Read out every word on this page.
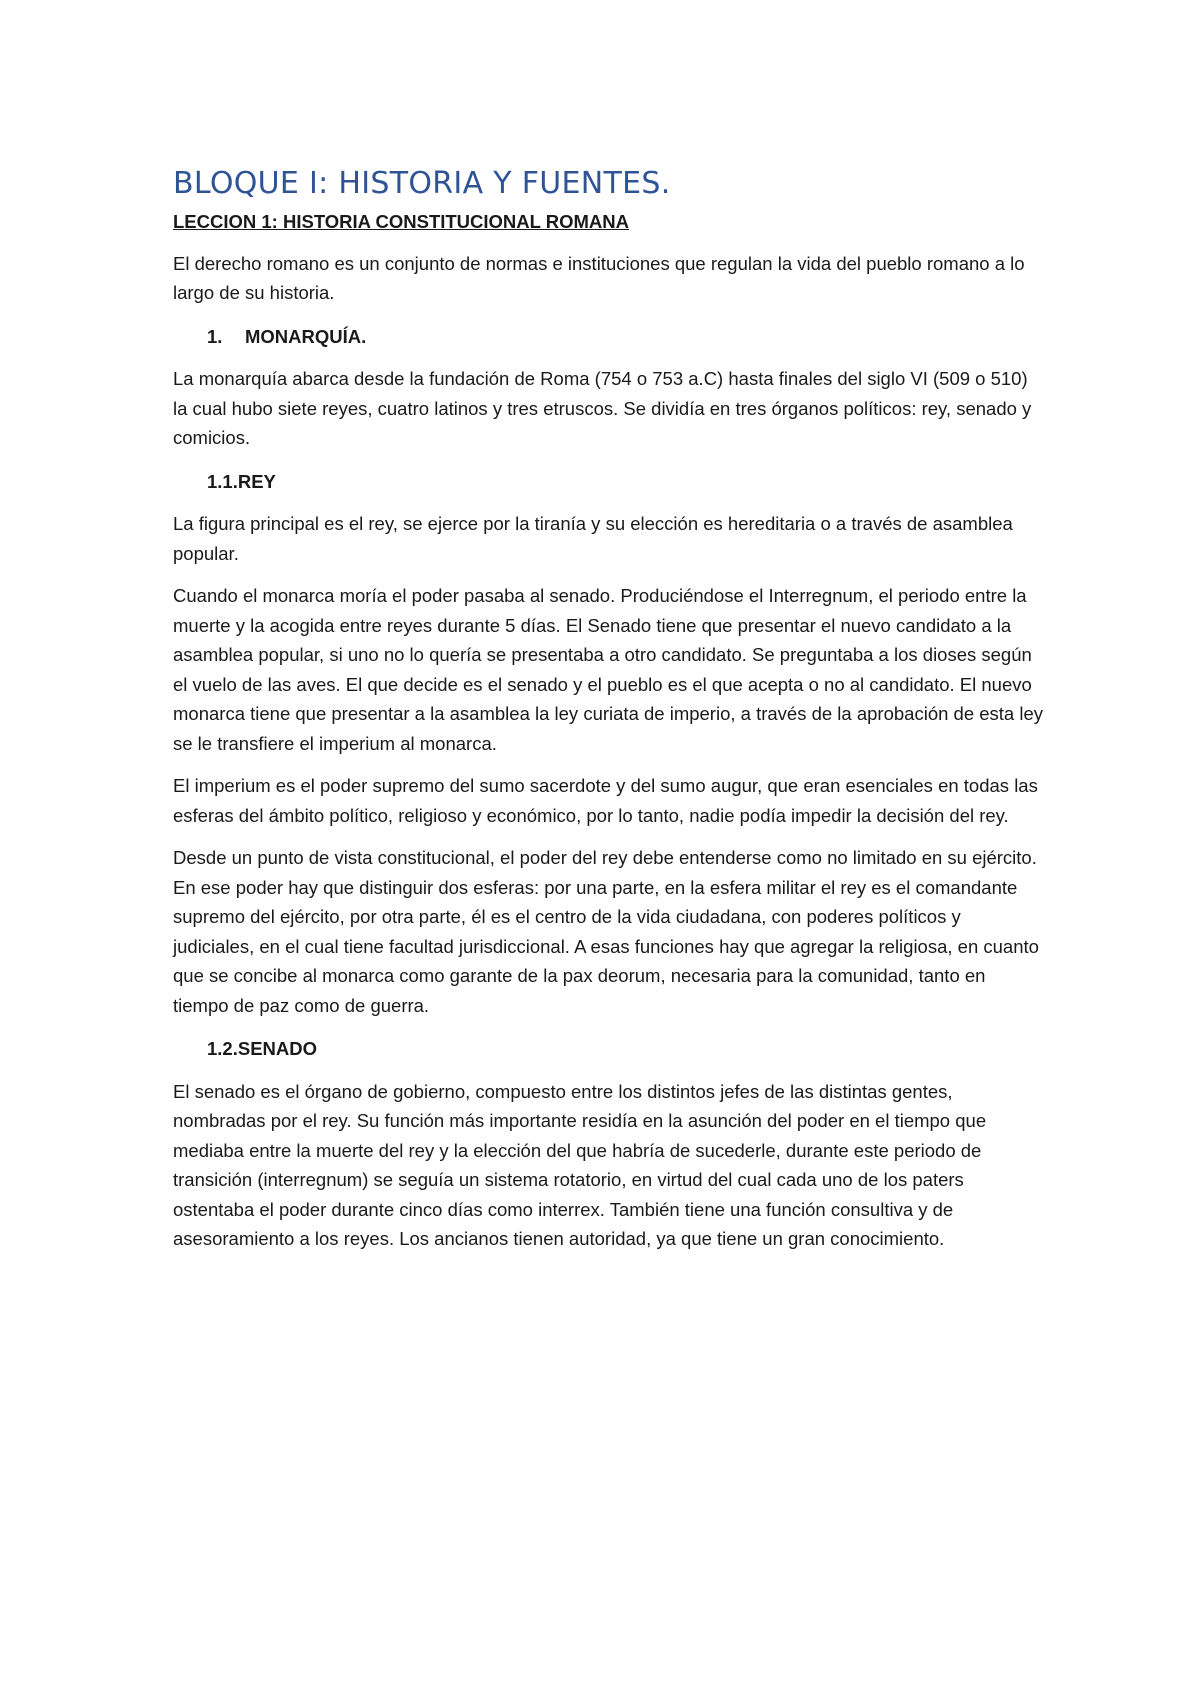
BLOQUE I: HISTORIA Y FUENTES.
LECCION 1: HISTORIA CONSTITUCIONAL ROMANA

El derecho romano es un conjunto de normas e instituciones que regulan la vida del pueblo romano a lo largo de su historia.

1. MONARQUÍA.

La monarquía abarca desde la fundación de Roma (754 o 753 a.C) hasta finales del siglo VI (509 o 510) la cual hubo siete reyes, cuatro latinos y tres etruscos. Se dividía en tres órganos políticos: rey, senado y comicios.

1.1.REY

La figura principal es el rey, se ejerce por la tiranía y su elección es hereditaria o a través de asamblea popular.

Cuando el monarca moría el poder pasaba al senado. Produciéndose el Interregnum, el periodo entre la muerte y la acogida entre reyes durante 5 días. El Senado tiene que presentar el nuevo candidato a la asamblea popular, si uno no lo quería se presentaba a otro candidato. Se preguntaba a los dioses según el vuelo de las aves. El que decide es el senado y el pueblo es el que acepta o no al candidato. El nuevo monarca tiene que presentar a la asamblea la ley curiata de imperio, a través de la aprobación de esta ley se le transfiere el imperium al monarca.

El imperium es el poder supremo del sumo sacerdote y del sumo augur, que eran esenciales en todas las esferas del ámbito político, religioso y económico, por lo tanto, nadie podía impedir la decisión del rey.

Desde un punto de vista constitucional, el poder del rey debe entenderse como no limitado en su ejército. En ese poder hay que distinguir dos esferas: por una parte, en la esfera militar el rey es el comandante supremo del ejército, por otra parte, él es el centro de la vida ciudadana, con poderes políticos y judiciales, en el cual tiene facultad jurisdiccional. A esas funciones hay que agregar la religiosa, en cuanto que se concibe al monarca como garante de la pax deorum, necesaria para la comunidad, tanto en tiempo de paz como de guerra.

1.2.SENADO

El senado es el órgano de gobierno, compuesto entre los distintos jefes de las distintas gentes, nombradas por el rey. Su función más importante residía en la asunción del poder en el tiempo que mediaba entre la muerte del rey y la elección del que habría de sucederle, durante este periodo de transición (interregnum) se seguía un sistema rotatorio, en virtud del cual cada uno de los paters ostentaba el poder durante cinco días como interrex. También tiene una función consultiva y de asesoramiento a los reyes. Los ancianos tienen autoridad, ya que tiene un gran conocimiento.
